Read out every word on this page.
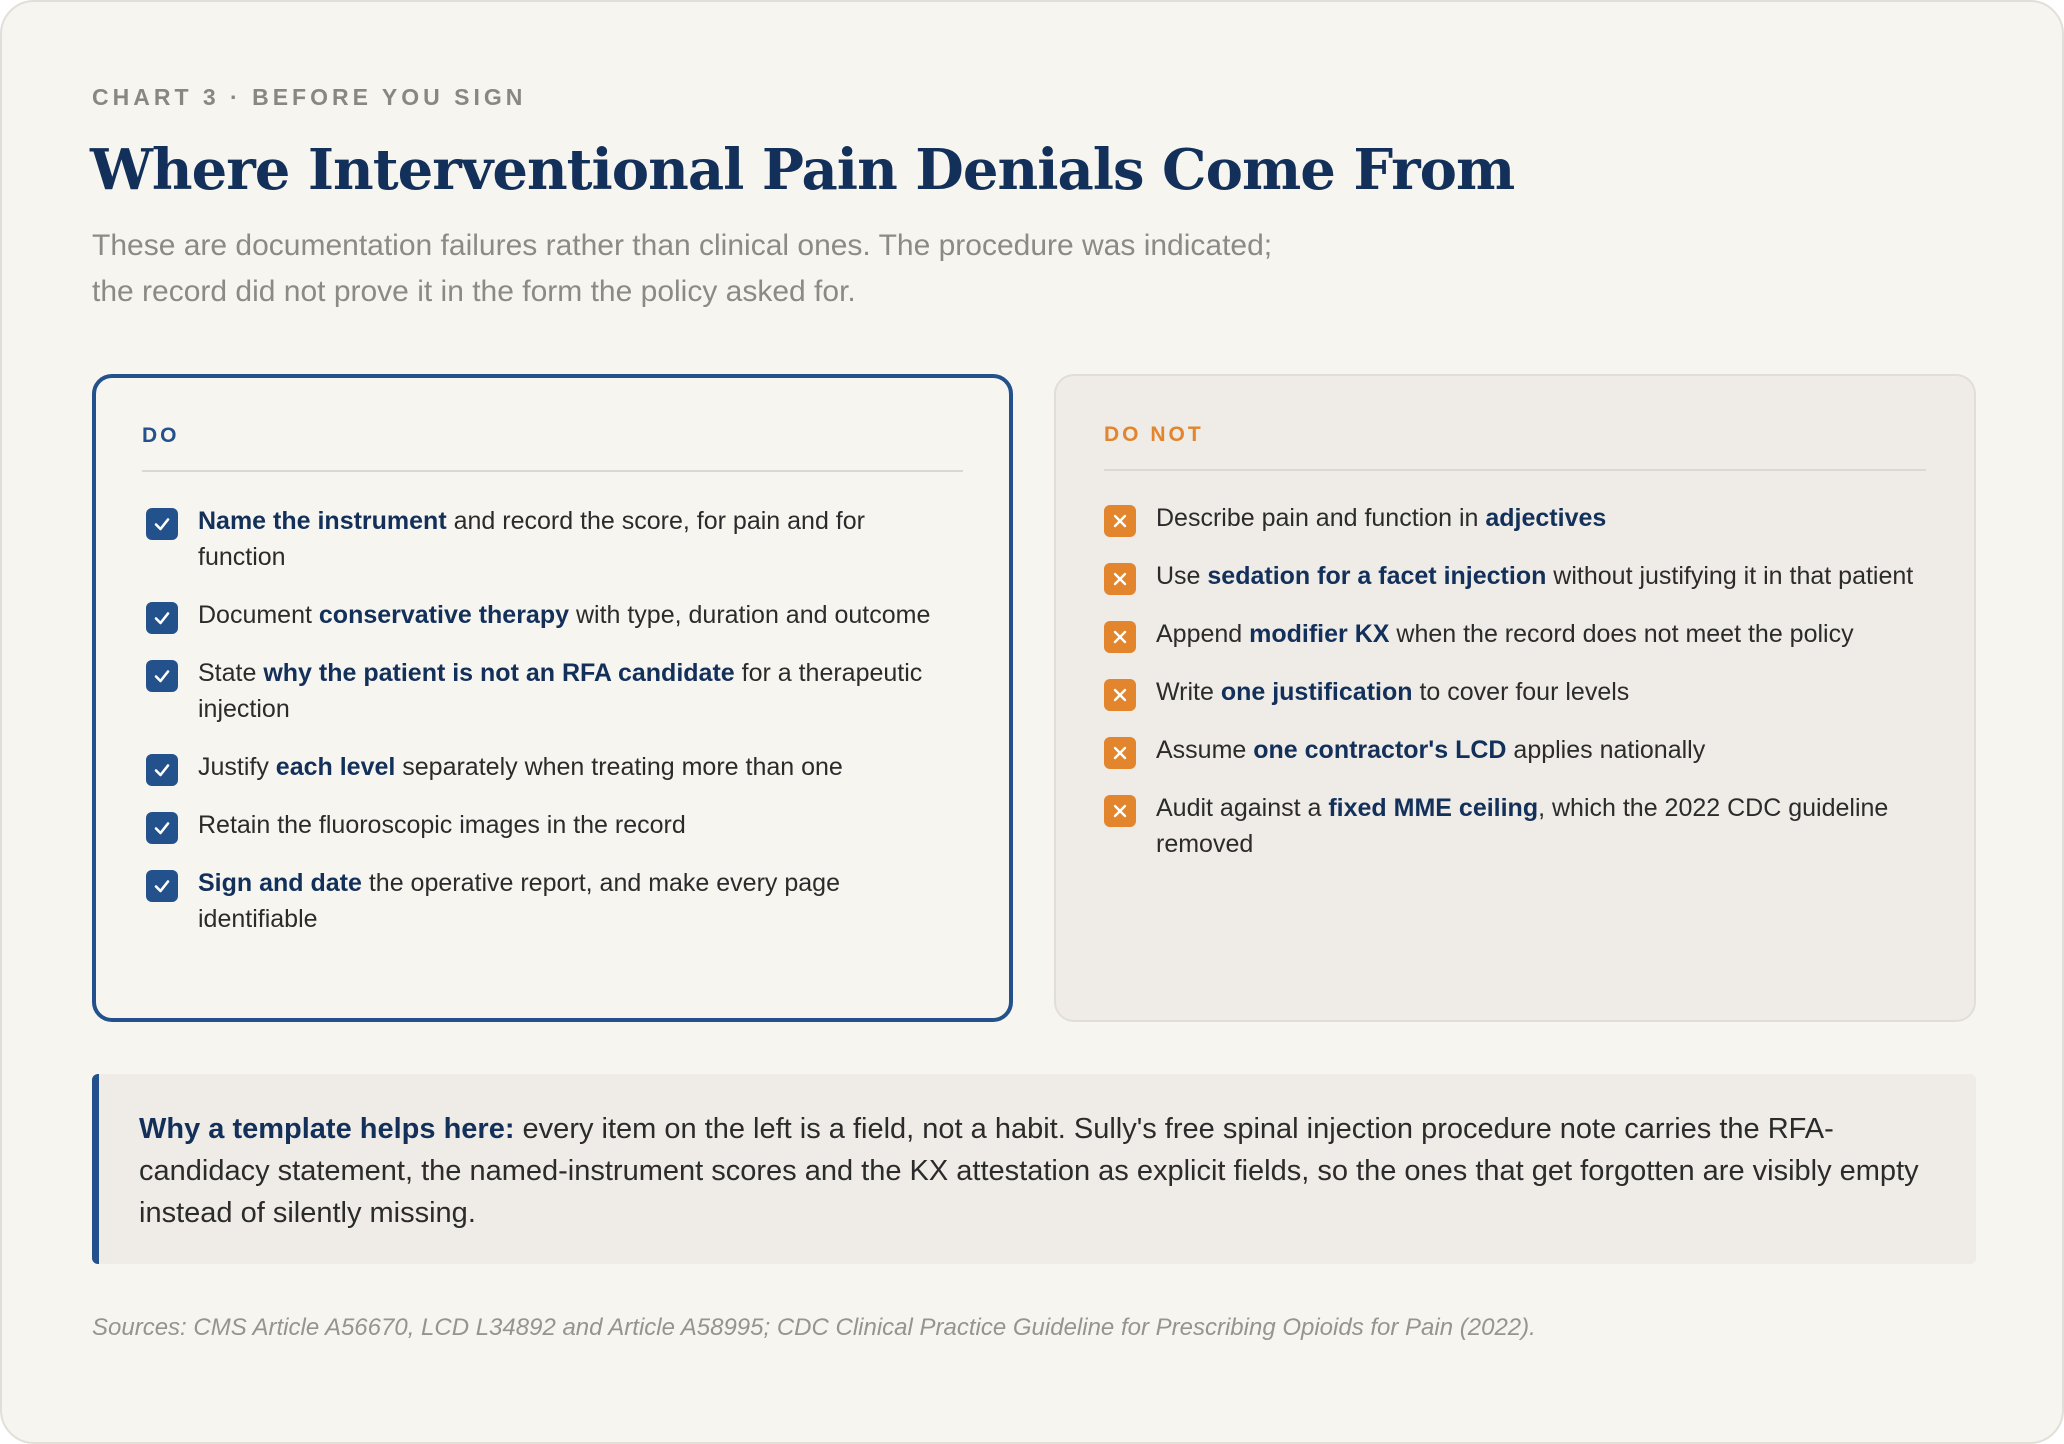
CHART 3 · BEFORE YOU SIGN
Where Interventional Pain Denials Come From
These are documentation failures rather than clinical ones. The procedure was indicated; the record did not prove it in the form the policy asked for.
DO
Name the instrument and record the score, for pain and for function
Document conservative therapy with type, duration and outcome
State why the patient is not an RFA candidate for a therapeutic injection
Justify each level separately when treating more than one
Retain the fluoroscopic images in the record
Sign and date the operative report, and make every page identifiable
DO NOT
Describe pain and function in adjectives
Use sedation for a facet injection without justifying it in that patient
Append modifier KX when the record does not meet the policy
Write one justification to cover four levels
Assume one contractor's LCD applies nationally
Audit against a fixed MME ceiling, which the 2022 CDC guideline removed
Why a template helps here: every item on the left is a field, not a habit. Sully's free spinal injection procedure note carries the RFA-candidacy statement, the named-instrument scores and the KX attestation as explicit fields, so the ones that get forgotten are visibly empty instead of silently missing.
Sources: CMS Article A56670, LCD L34892 and Article A58995; CDC Clinical Practice Guideline for Prescribing Opioids for Pain (2022).
